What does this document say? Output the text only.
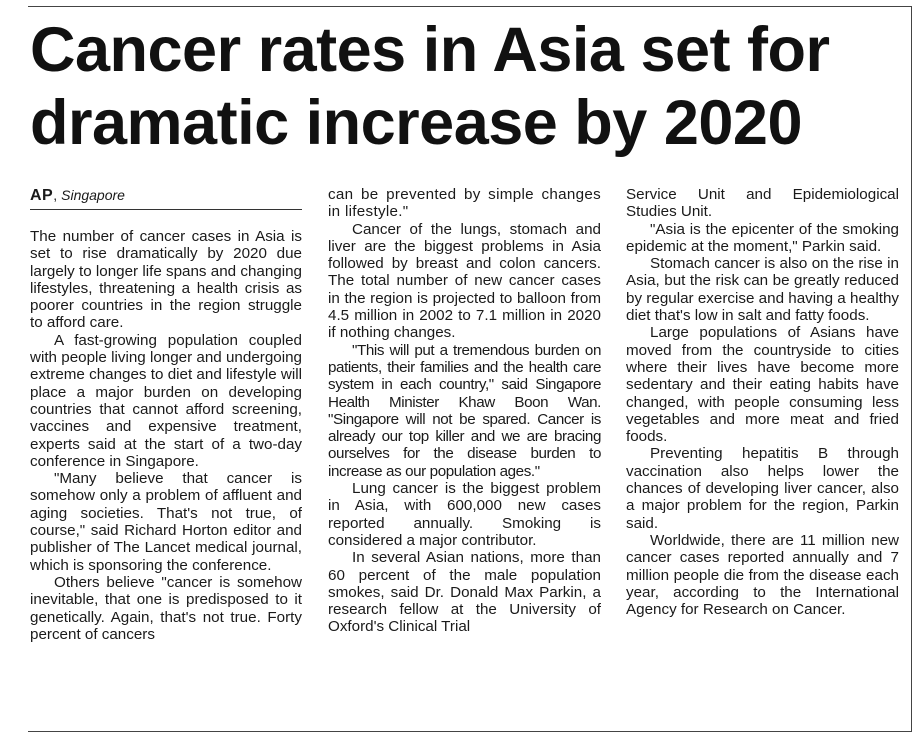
Cancer rates in Asia set for
dramatic increase by 2020
AP, Singapore

The number of cancer cases in Asia is set to rise dramatically by 2020 due largely to longer life spans and changing lifestyles, threatening a health crisis as poorer countries in the region struggle to afford care.

A fast-growing population coupled with people living longer and undergoing extreme changes to diet and lifestyle will place a major burden on developing countries that cannot afford screening, vaccines and expensive treatment, experts said at the start of a two-day conference in Singapore.

"Many believe that cancer is somehow only a problem of affluent and aging societies. That's not true, of course," said Richard Horton editor and publisher of The Lancet medical journal, which is sponsoring the conference.

Others believe "cancer is somehow inevitable, that one is predisposed to it genetically. Again, that's not true. Forty percent of cancers

can be prevented by simple changes in lifestyle."

Cancer of the lungs, stomach and liver are the biggest problems in Asia followed by breast and colon cancers. The total number of new cancer cases in the region is projected to balloon from 4.5 million in 2002 to 7.1 million in 2020 if nothing changes.

"This will put a tremendous burden on patients, their families and the health care system in each country," said Singapore Health Minister Khaw Boon Wan. "Singapore will not be spared. Cancer is already our top killer and we are bracing ourselves for the disease burden to increase as our population ages."

Lung cancer is the biggest problem in Asia, with 600,000 new cases reported annually. Smoking is considered a major contributor.

In several Asian nations, more than 60 percent of the male population smokes, said Dr. Donald Max Parkin, a research fellow at the University of Oxford's Clinical Trial

Service Unit and Epidemiological Studies Unit.

"Asia is the epicenter of the smoking epidemic at the moment," Parkin said.

Stomach cancer is also on the rise in Asia, but the risk can be greatly reduced by regular exercise and having a healthy diet that's low in salt and fatty foods.

Large populations of Asians have moved from the countryside to cities where their lives have become more sedentary and their eating habits have changed, with people consuming less vegetables and more meat and fried foods.

Preventing hepatitis B through vaccination also helps lower the chances of developing liver cancer, also a major problem for the region, Parkin said.

Worldwide, there are 11 million new cancer cases reported annually and 7 million people die from the disease each year, according to the International Agency for Research on Cancer.
